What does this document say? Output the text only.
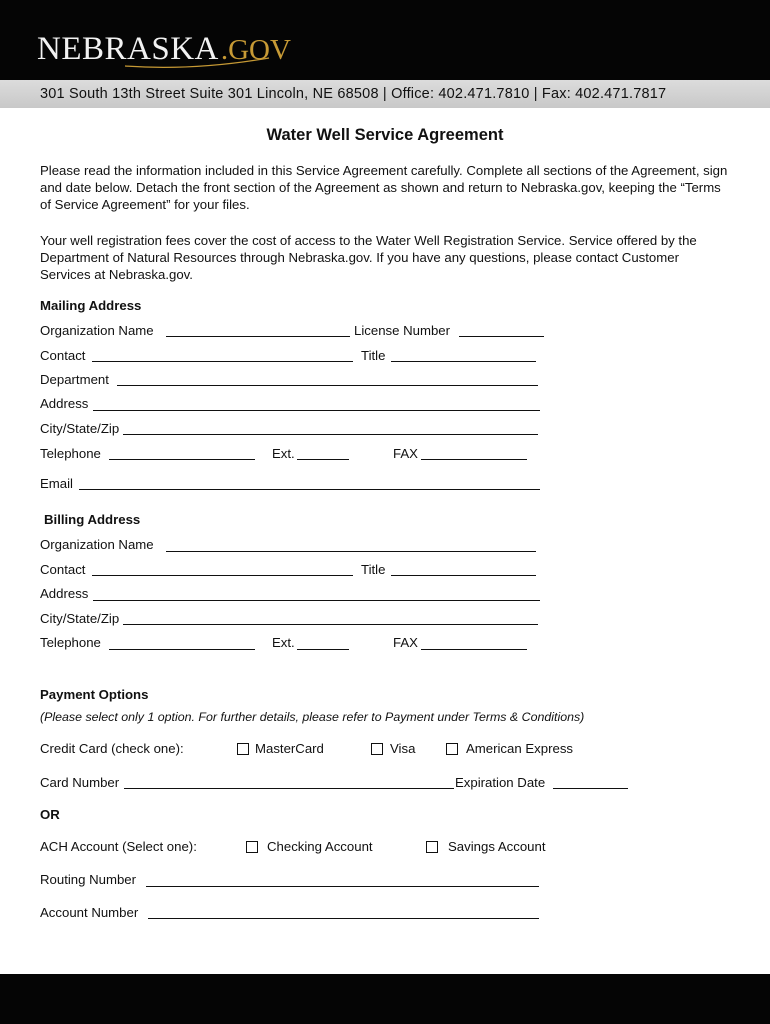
NEBRASKA.GOV
301 South 13th Street Suite 301 Lincoln, NE 68508 | Office: 402.471.7810 | Fax: 402.471.7817
Water Well Service Agreement
Please read the information included in this Service Agreement carefully. Complete all sections of the Agreement, sign and date below. Detach the front section of the Agreement as shown and return to Nebraska.gov, keeping the “Terms of Service Agreement” for your files.
Your well registration fees cover the cost of access to the Water Well Registration Service. Service offered by the Department of Natural Resources through Nebraska.gov. If you have any questions, please contact Customer Services at Nebraska.gov.
Mailing Address
Organization Name	License Number
Contact	Title
Department
Address
City/State/Zip
Telephone	Ext.	FAX
Email
Billing Address
Organization Name
Contact	Title
Address
City/State/Zip
Telephone	Ext.	FAX
Payment Options
(Please select only 1 option. For further details, please refer to Payment under Terms & Conditions)
Credit Card (check one):	MasterCard	Visa	American Express
Card Number	Expiration Date
OR
ACH Account (Select one):	Checking Account	Savings Account
Routing Number
Account Number
